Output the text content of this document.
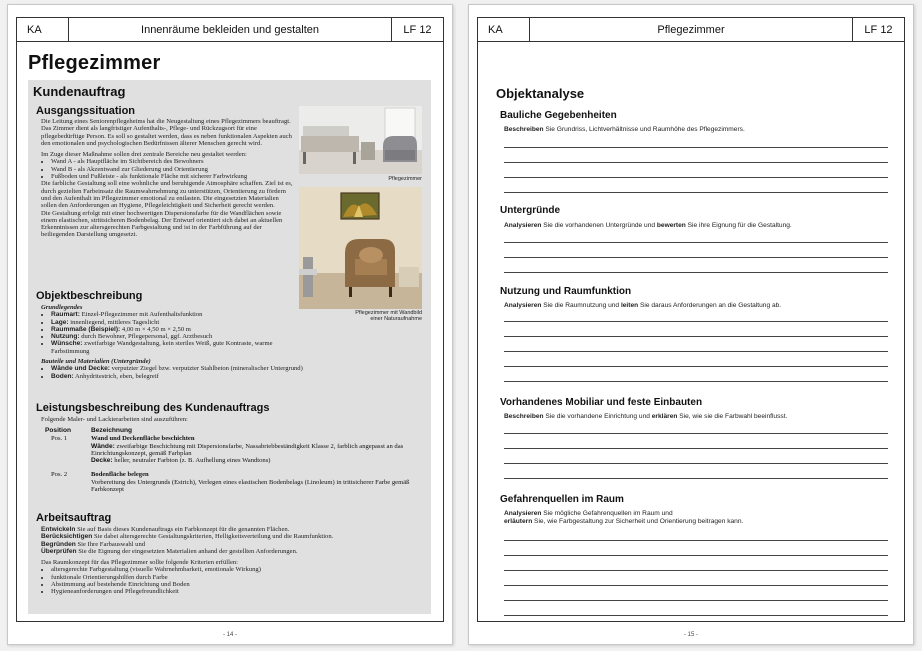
KA	Innenräume bekleiden und gestalten	LF 12
Pflegezimmer
Kundenauftrag
Ausgangssituation
Die Leitung eines Seniorenpflegeheims hat die Neugestaltung eines Pflegezimmers beauftragt. Das Zimmer dient als langfristiger Aufenthalts-, Pflege- und Rückzugsort für eine pflegebedürftige Person. Es soll so gestaltet werden, dass es neben funktionalen Aspekten auch den emotionalen und psychologischen Bedürfnissen älterer Menschen gerecht wird.
Im Zuge dieser Maßnahme sollen drei zentrale Bereiche neu gestaltet werden:
• Wand A - als Hauptfläche im Sichtbereich des Bewohners
• Wand B - als Akzentwand zur Gliederung und Orientierung
• Fußboden und Fußleiste - als funktionale Fläche mit sicherer Farbwirkung
Die farbliche Gestaltung soll eine wohnliche und beruhigende Atmosphäre schaffen. Ziel ist es, durch gezielten Farbeinsatz die Raumwahrnehmung zu unterstützen, Orientierung zu fördern und den Aufenthalt im Pflegezimmer emotional zu entlasten. Die eingesetzten Materialien sollen den Anforderungen an Hygiene, Pflegeleichtigkeit und Sicherheit gerecht werden.
Die Gestaltung erfolgt mit einer hochwertigen Dispersionsfarbe für die Wandflächen sowie einem elastischen, strittsicheren Bodenbelag. Der Entwurf orientiert sich dabei an aktuellen Erkenntnissen zur altersgerechten Farbgestaltung und ist in der Farbführung auf der beiliegenden Darstellung umgesetzt.
Pflegezimmer
Pflegezimmer mit Wandbild
einer Naturaufnahme
Objektbeschreibung
Grundlegendes
• Raumart: Einzel-Pflegezimmer mit Aufenthaltsfunktion
• Lage: innenliegend, mittleres Tageslicht
• Raummaße (Beispiel): 4,00 m × 4,50 m × 2,50 m
• Nutzung: durch Bewohner, Pflegepersonal, ggf. Arztbesuch
• Wünsche: zweifarbige Wandgestaltung, kein steriles Weiß, gute Kontraste, warme Farbstimmung
Bauteile und Materialien (Untergründe)
• Wände und Decke: verputzter Ziegel bzw. verputzter Stahlbeton (mineralischer Untergrund)
• Boden: Anhydritestrich, eben, belegreif
Leistungsbeschreibung des Kundenauftrags
Folgende Maler- und Lackierarbeiten sind auszuführen:
Position	Bezeichnung
Pos. 1	Wand und Deckenfläche beschichten
Wände: zweifarbige Beschichtung mit Dispersionsfarbe, Nassabriebbeständigkeit Klasse 2, farblich angepasst an das Einrichtungskonzept, gemäß Farbplan
Decke: heller, neutraler Farbton (z. B. Aufhellung eines Wandtons)
Pos. 2	Bodenfläche belegen
Vorbereitung des Untergrunds (Estrich), Verlegen eines elastischen Bodenbelags (Linoleum) in trittsicherer Farbe gemäß Farbkonzept
Arbeitsauftrag
Entwickeln Sie auf Basis dieses Kundenauftrags ein Farbkonzept für die genannten Flächen.
Berücksichtigen Sie dabei altersgerechte Gestaltungskriterien, Helligkeitsverteilung und die Raumfunktion.
Begründen Sie Ihre Farbauswahl und
Überprüfen Sie die Eignung der eingesetzten Materialien anhand der gestellten Anforderungen.
Das Raumkonzept für das Pflegezimmer sollte folgende Kriterien erfüllen:
• altersgerechte Farbgestaltung (visuelle Wahrnehmbarkeit, emotionale Wirkung)
• funktionale Orientierungshilfen durch Farbe
• Abstimmung auf bestehende Einrichtung und Boden
• Hygieneanforderungen und Pflegefreundlichkeit
- 14 -
KA	Pflegezimmer	LF 12
Objektanalyse
Bauliche Gegebenheiten
Beschreiben Sie Grundriss, Lichtverhältnisse und Raumhöhe des Pflegezimmers.
Untergründe
Analysieren Sie die vorhandenen Untergründe und bewerten Sie ihre Eignung für die Gestaltung.
Nutzung und Raumfunktion
Analysieren Sie die Raumnutzung und leiten Sie daraus Anforderungen an die Gestaltung ab.
Vorhandenes Mobiliar und feste Einbauten
Beschreiben Sie die vorhandene Einrichtung und erklären Sie, wie sie die Farbwahl beeinflusst.
Gefahrenquellen im Raum
Analysieren Sie mögliche Gefahrenquellen im Raum und
erläutern Sie, wie Farbgestaltung zur Sicherheit und Orientierung beitragen kann.
- 15 -
